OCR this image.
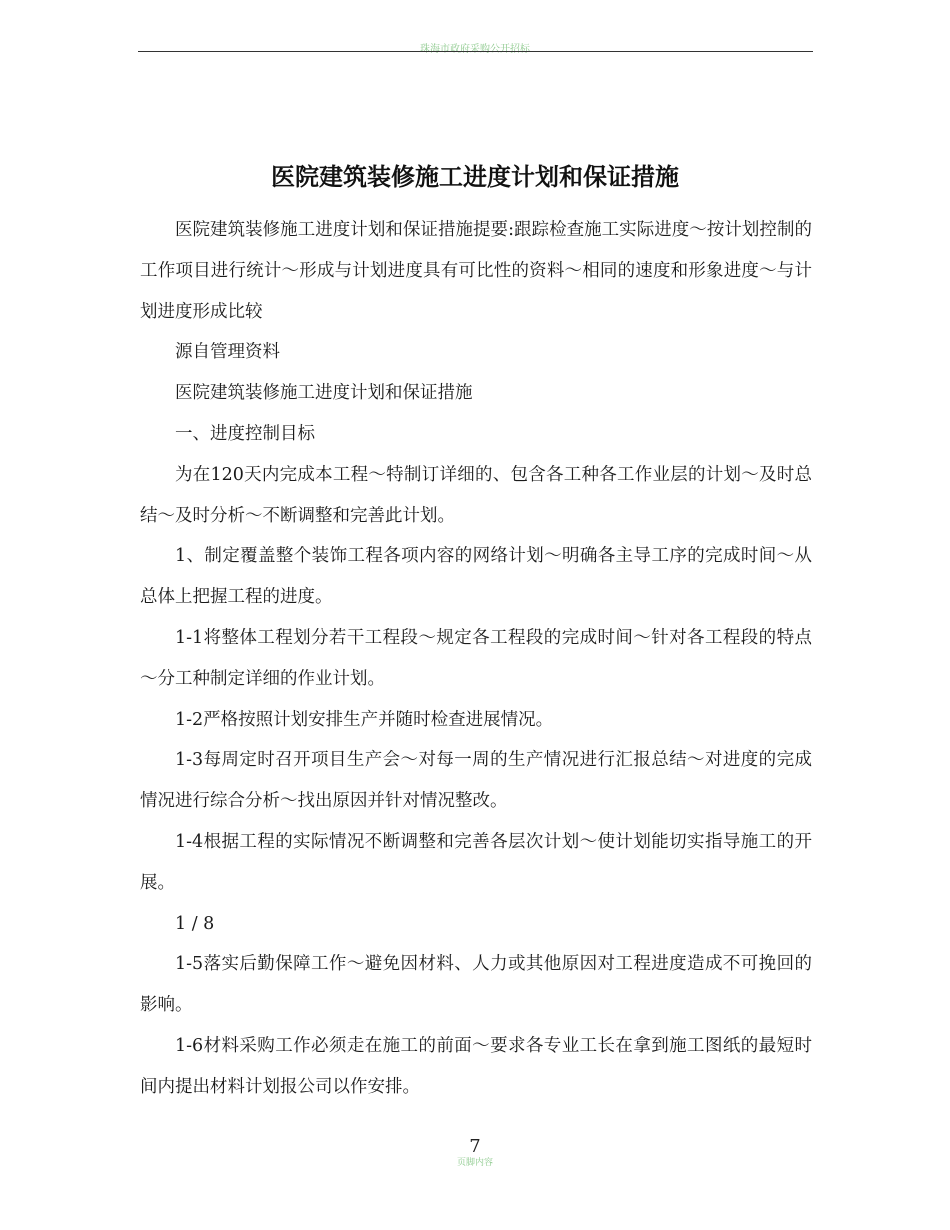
珠海市政府采购公开招标
医院建筑装修施工进度计划和保证措施

医院建筑装修施工进度计划和保证措施提要:跟踪检查施工实际进度～按计划控制的工作项目进行统计～形成与计划进度具有可比性的资料～相同的速度和形象进度～与计划进度形成比较

源自管理资料

医院建筑装修施工进度计划和保证措施

一、进度控制目标

为在120天内完成本工程～特制订详细的、包含各工种各工作业层的计划～及时总结～及时分析～不断调整和完善此计划。

1、制定覆盖整个装饰工程各项内容的网络计划～明确各主导工序的完成时间～从总体上把握工程的进度。

1-1将整体工程划分若干工程段～规定各工程段的完成时间～针对各工程段的特点～分工种制定详细的作业计划。

1-2严格按照计划安排生产并随时检查进展情况。

1-3每周定时召开项目生产会～对每一周的生产情况进行汇报总结～对进度的完成情况进行综合分析～找出原因并针对情况整改。

1-4根据工程的实际情况不断调整和完善各层次计划～使计划能切实指导施工的开展。

1 / 8

1-5落实后勤保障工作～避免因材料、人力或其他原因对工程进度造成不可挽回的影响。

1-6材料采购工作必须走在施工的前面～要求各专业工长在拿到施工图纸的最短时间内提出材料计划报公司以作安排。

7
页脚内容
